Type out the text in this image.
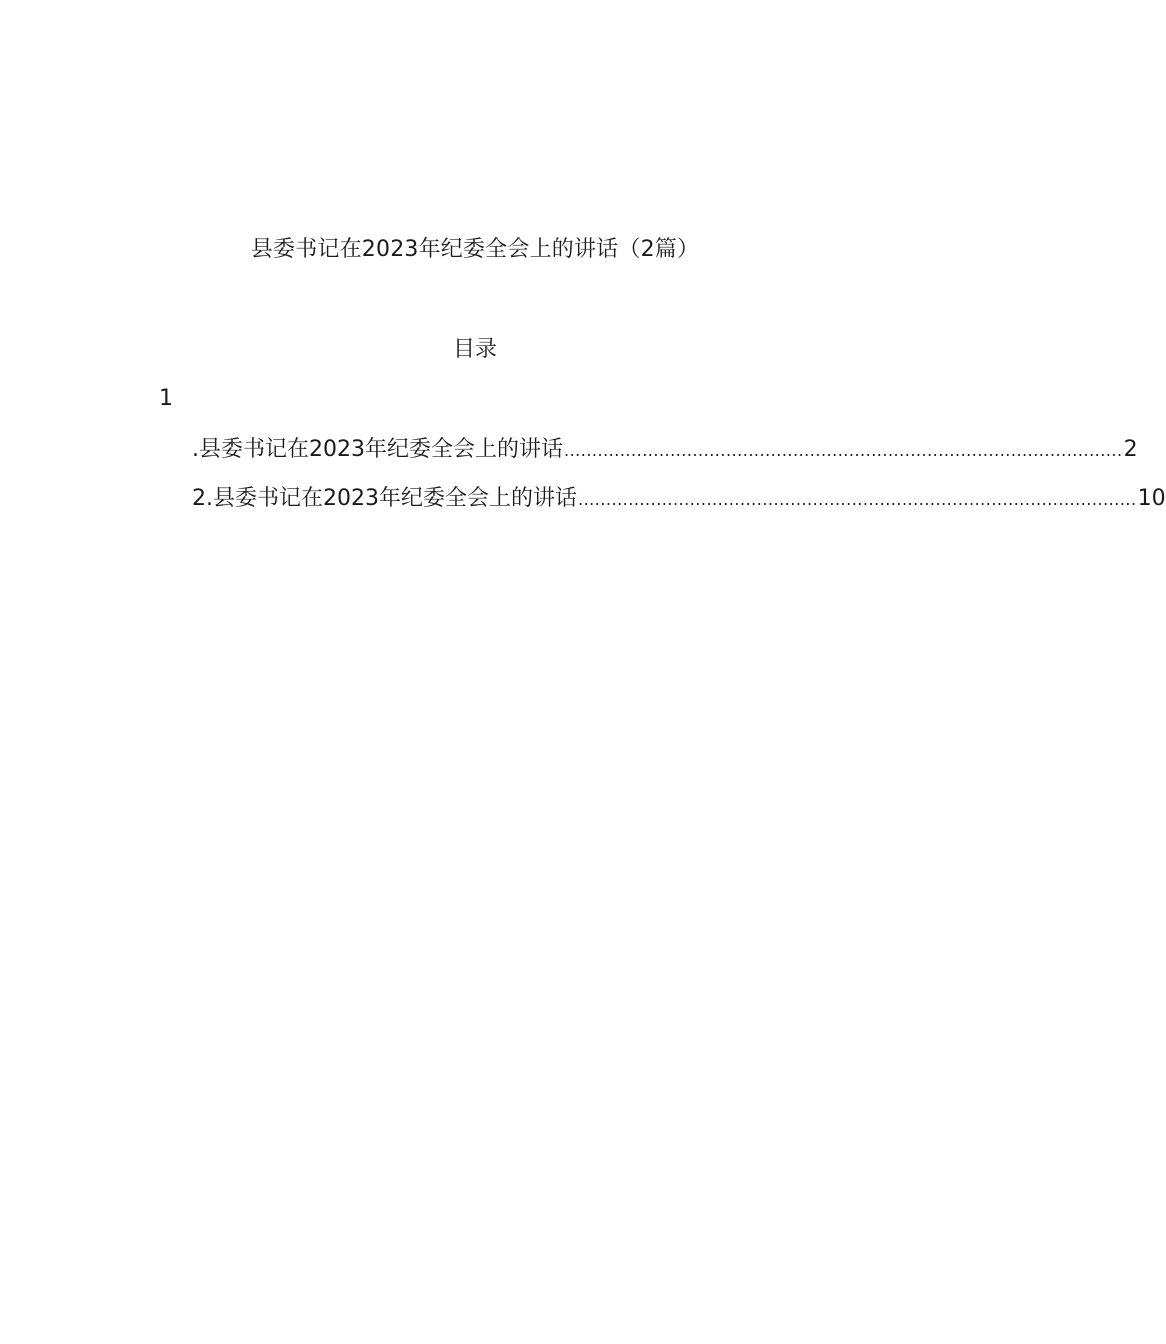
县委书记在2023年纪委全会上的讲话（2篇）
目录
1
.县委书记在2023年纪委全会上的讲话 .................................................................................................... 2
2.县委书记在2023年纪委全会上的讲话 .................................................................................................... 10
